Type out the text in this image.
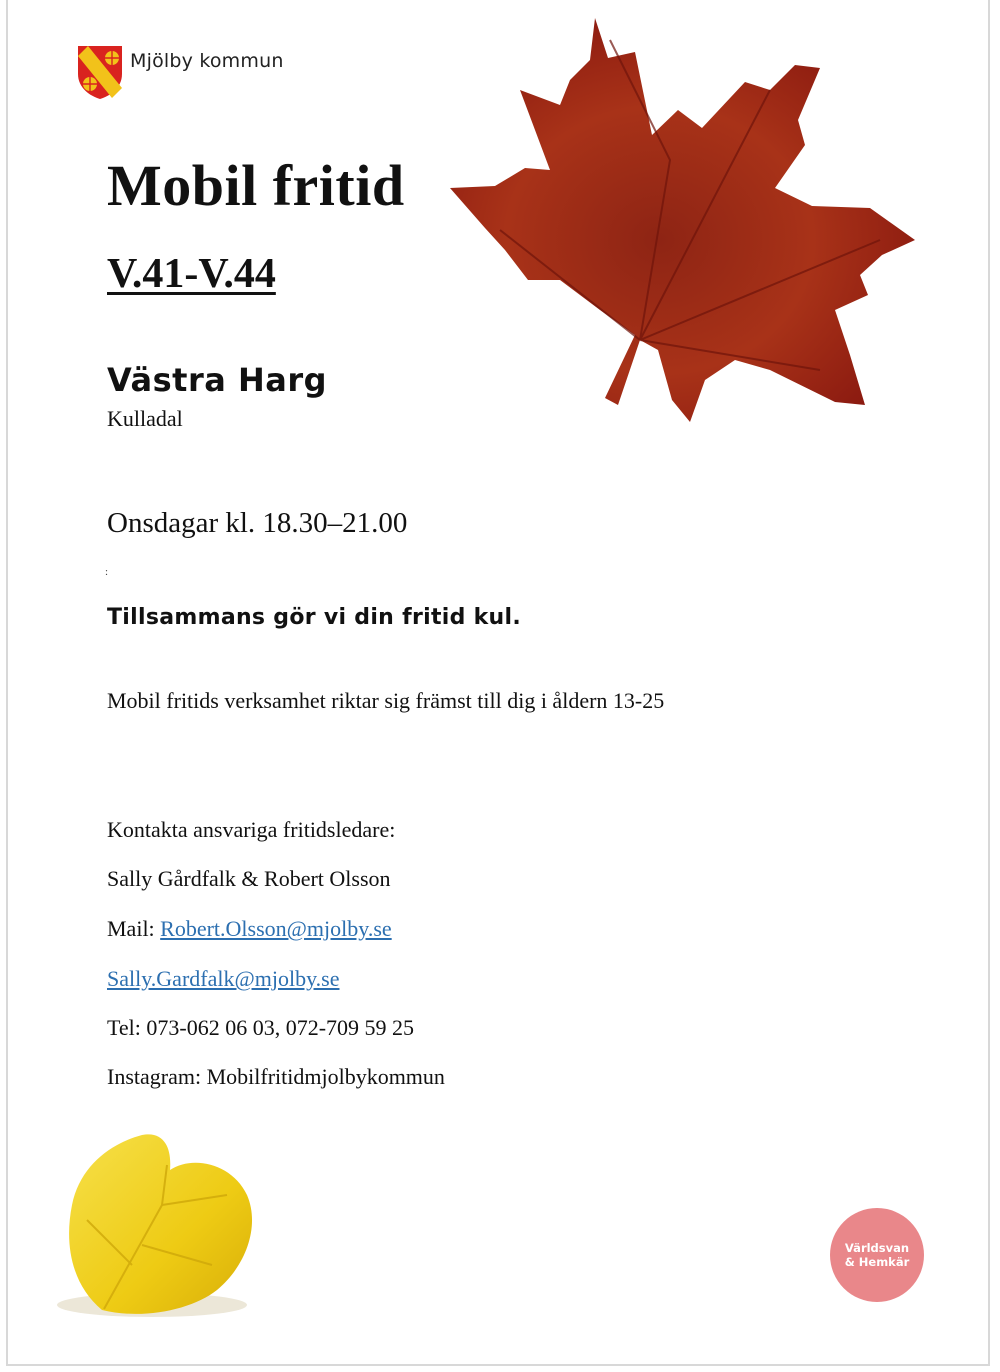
Mjölby kommun
Mobil fritid
V.41-V.44
Västra Harg
Kulladal
Onsdagar kl. 18.30–21.00
:
Tillsammans gör vi din fritid kul.
Mobil fritids verksamhet riktar sig främst till dig i åldern 13-25
Kontakta ansvariga fritidsledare:
Sally Gårdfalk & Robert Olsson
Mail: Robert.Olsson@mjolby.se
Sally.Gardfalk@mjolby.se
Tel: 073-062 06 03, 072-709 59 25
Instagram: Mobilfritidmjolbykommun
Världsvan
& Hemkär
